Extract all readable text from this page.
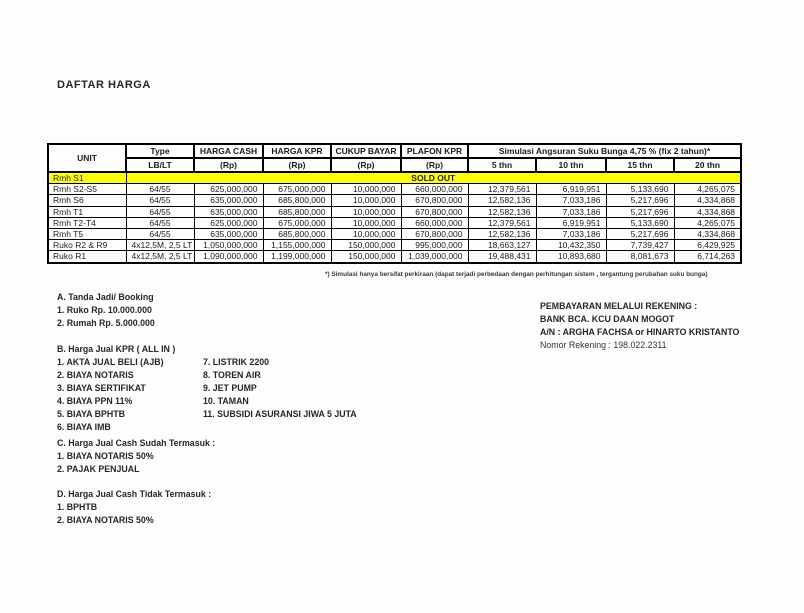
DAFTAR HARGA
UNIT	Type	HARGA CASH	HARGA KPR	CUKUP BAYAR	PLAFON KPR	Simulasi Angsuran Suku Bunga 4,75 % (fix 2 tahun)*			
	LB/LT	(Rp)	(Rp)	(Rp)	(Rp)	5 thn	10 thn	15 thn	20 thn
Rmh S1	SOLD OUT								
Rmh S2-S5	64/55	625,000,000	675,000,000	10,000,000	660,000,000	12,379,561	6,919,951	5,133,690	4,265,075
Rmh S6	64/55	635,000,000	685,800,000	10,000,000	670,800,000	12,582,136	7,033,186	5,217,696	4,334,868
Rmh T1	64/55	635,000,000	685,800,000	10,000,000	670,800,000	12,582,136	7,033,186	5,217,696	4,334,868
Rmh T2-T4	64/55	625,000,000	675,000,000	10,000,000	660,000,000	12,379,561	6,919,951	5,133,690	4,265,075
Rmh T5	64/55	635,000,000	685,800,000	10,000,000	670,800,000	12,582,136	7,033,186	5,217,696	4,334,868
Ruko R2 & R9	4x12,5M, 2,5 LT	1,050,000,000	1,155,000,000	150,000,000	995,000,000	18,663,127	10,432,350	7,739,427	6,429,925
Ruko R1	4x12,5M, 2,5 LT	1,090,000,000	1,199,000,000	150,000,000	1,039,000,000	19,488,431	10,893,680	8,081,673	6,714,263
*) Simulasi hanya bersifat perkiraan (dapat terjadi perbedaan dengan perhitungan sistem , tergantung perubahan suku bunga)
A. Tanda Jadi/ Booking
1. Ruko Rp. 10.000.000
2. Rumah Rp. 5.000.000
B. Harga Jual KPR ( ALL IN )
1. AKTA JUAL BELI (AJB)
2. BIAYA NOTARIS
3. BIAYA SERTIFIKAT
4. BIAYA PPN 11%
5. BIAYA BPHTB
6. BIAYA IMB
7. LISTRIK 2200
8. TOREN AIR
9. JET PUMP
10. TAMAN
11. SUBSIDI ASURANSI JIWA 5 JUTA
C. Harga Jual Cash Sudah Termasuk :
1. BIAYA NOTARIS 50%
2. PAJAK PENJUAL
D. Harga Jual Cash Tidak Termasuk :
1. BPHTB
2. BIAYA NOTARIS 50%
PEMBAYARAN MELALUI REKENING :
BANK BCA. KCU DAAN MOGOT
A/N : ARGHA FACHSA or HINARTO KRISTANTO
Nomor Rekening : 198.022.2311
